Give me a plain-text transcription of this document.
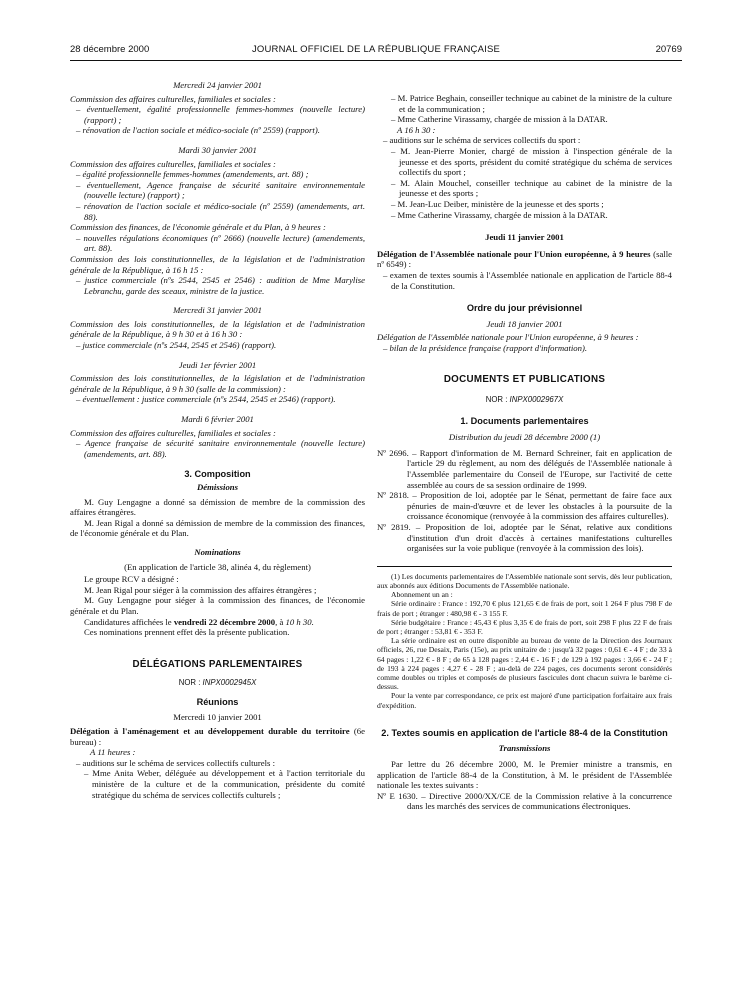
28 décembre 2000	JOURNAL OFFICIEL DE LA RÉPUBLIQUE FRANÇAISE	20769

Mercredi 24 janvier 2001

Commission des affaires culturelles, familiales et sociales :

– éventuellement, égalité professionnelle femmes-hommes (nouvelle lecture) (rapport) ;

– rénovation de l'action sociale et médico-sociale (nº 2559) (rapport).

Mardi 30 janvier 2001

Commission des affaires culturelles, familiales et sociales :

– égalité professionnelle femmes-hommes (amendements, art. 88) ;

– éventuellement, Agence française de sécurité sanitaire environnementale (nouvelle lecture) (rapport) ;

– rénovation de l'action sociale et médico-sociale (nº 2559) (amendements, art. 88).

Commission des finances, de l'économie générale et du Plan, à 9 heures :

– nouvelles régulations économiques (nº 2666) (nouvelle lecture) (amendements, art. 88).

Commission des lois constitutionnelles, de la législation et de l'administration générale de la République, à 16 h 15 :

– justice commerciale (nºs 2544, 2545 et 2546) : audition de Mme Marylise Lebranchu, garde des sceaux, ministre de la justice.

Mercredi 31 janvier 2001

Commission des lois constitutionnelles, de la législation et de l'administration générale de la République, à 9 h 30 et à 16 h 30 :

– justice commerciale (nºs 2544, 2545 et 2546) (rapport).

Jeudi 1er février 2001

Commission des lois constitutionnelles, de la législation et de l'administration générale de la République, à 9 h 30 (salle de la commission) :

– éventuellement : justice commerciale (nºs 2544, 2545 et 2546) (rapport).

Mardi 6 février 2001

Commission des affaires culturelles, familiales et sociales :

– Agence française de sécurité sanitaire environnementale (nouvelle lecture) (amendements, art. 88).

3. Composition

Démissions

M. Guy Lengagne a donné sa démission de membre de la commission des affaires étrangères.

M. Jean Rigal a donné sa démission de membre de la commission des finances, de l'économie générale et du Plan.

Nominations

(En application de l'article 38, alinéa 4, du règlement)

Le groupe RCV a désigné :

M. Jean Rigal pour siéger à la commission des affaires étrangères ;

M. Guy Lengagne pour siéger à la commission des finances, de l'économie générale et du Plan.

Candidatures affichées le vendredi 22 décembre 2000, à 10 h 30.

Ces nominations prennent effet dès la présente publication.

DÉLÉGATIONS PARLEMENTAIRES

NOR : INPX0002945X

Réunions

Mercredi 10 janvier 2001

Délégation à l'aménagement et au développement durable du territoire (6e bureau) :

A 11 heures :

– auditions sur le schéma de services collectifs culturels :

– Mme Anita Weber, déléguée au développement et à l'action territoriale du ministère de la culture et de la communication, présidente du comité stratégique du schéma de services collectifs culturels ;

– M. Patrice Beghain, conseiller technique au cabinet de la ministre de la culture et de la communication ;

– Mme Catherine Virassamy, chargée de mission à la DATAR.

A 16 h 30 :

– auditions sur le schéma de services collectifs du sport :

– M. Jean-Pierre Monier, chargé de mission à l'inspection générale de la jeunesse et des sports, président du comité stratégique du schéma de services collectifs du sport ;

– M. Alain Mouchel, conseiller technique au cabinet de la ministre de la jeunesse et des sports ;

– M. Jean-Luc Deiber, ministère de la jeunesse et des sports ;

– Mme Catherine Virassamy, chargée de mission à la DATAR.

Jeudi 11 janvier 2001

Délégation de l'Assemblée nationale pour l'Union européenne, à 9 heures (salle nº 6549) :

– examen de textes soumis à l'Assemblée nationale en application de l'article 88-4 de la Constitution.

Ordre du jour prévisionnel

Jeudi 18 janvier 2001

Délégation de l'Assemblée nationale pour l'Union européenne, à 9 heures :

– bilan de la présidence française (rapport d'information).

DOCUMENTS ET PUBLICATIONS

NOR : INPX0002967X

1. Documents parlementaires

Distribution du jeudi 28 décembre 2000 (1)

Nº 2696. – Rapport d'information de M. Bernard Schreiner, fait en application de l'article 29 du règlement, au nom des délégués de l'Assemblée nationale à l'Assemblée parlementaire du Conseil de l'Europe, sur l'activité de cette assemblée au cours de sa session ordinaire de 1999.

Nº 2818. – Proposition de loi, adoptée par le Sénat, permettant de faire face aux pénuries de main-d'œuvre et de lever les obstacles à la poursuite de la croissance économique (renvoyée à la commission des affaires culturelles).

Nº 2819. – Proposition de loi, adoptée par le Sénat, relative aux conditions d'institution d'un droit d'accès à certaines manifestations culturelles organisées sur la voie publique (renvoyée à la commission des lois).

(1) Les documents parlementaires de l'Assemblée nationale sont servis, dès leur publication, aux abonnés aux éditions Documents de l'Assemblée nationale.

Abonnement un an :

Série ordinaire : France : 192,70 € plus 121,65 € de frais de port, soit 1 264 F plus 798 F de frais de port ; étranger : 480,98 € - 3 155 F.

Série budgétaire : France : 45,43 € plus 3,35 € de frais de port, soit 298 F plus 22 F de frais de port ; étranger : 53,81 € - 353 F.

La série ordinaire est en outre disponible au bureau de vente de la Direction des Journaux officiels, 26, rue Desaix, Paris (15e), au prix unitaire de : jusqu'à 32 pages : 0,61 € - 4 F ; de 33 à 64 pages : 1,22 € - 8 F ; de 65 à 128 pages : 2,44 € - 16 F ; de 129 à 192 pages : 3,66 € - 24 F ; de 193 à 224 pages : 4,27 € - 28 F ; au-delà de 224 pages, ces documents seront considérés comme doubles ou triples et composés de plusieurs fascicules dont chacun suivra le barème ci-dessus.

Pour la vente par correspondance, ce prix est majoré d'une participation forfaitaire aux frais d'expédition.

2. Textes soumis en application de l'article 88-4 de la Constitution

Transmissions

Par lettre du 26 décembre 2000, M. le Premier ministre a transmis, en application de l'article 88-4 de la Constitution, à M. le président de l'Assemblée nationale les textes suivants :

Nº E 1630. – Directive 2000/XX/CE de la Commission relative à la concurrence dans les marchés des services de communications électroniques.
